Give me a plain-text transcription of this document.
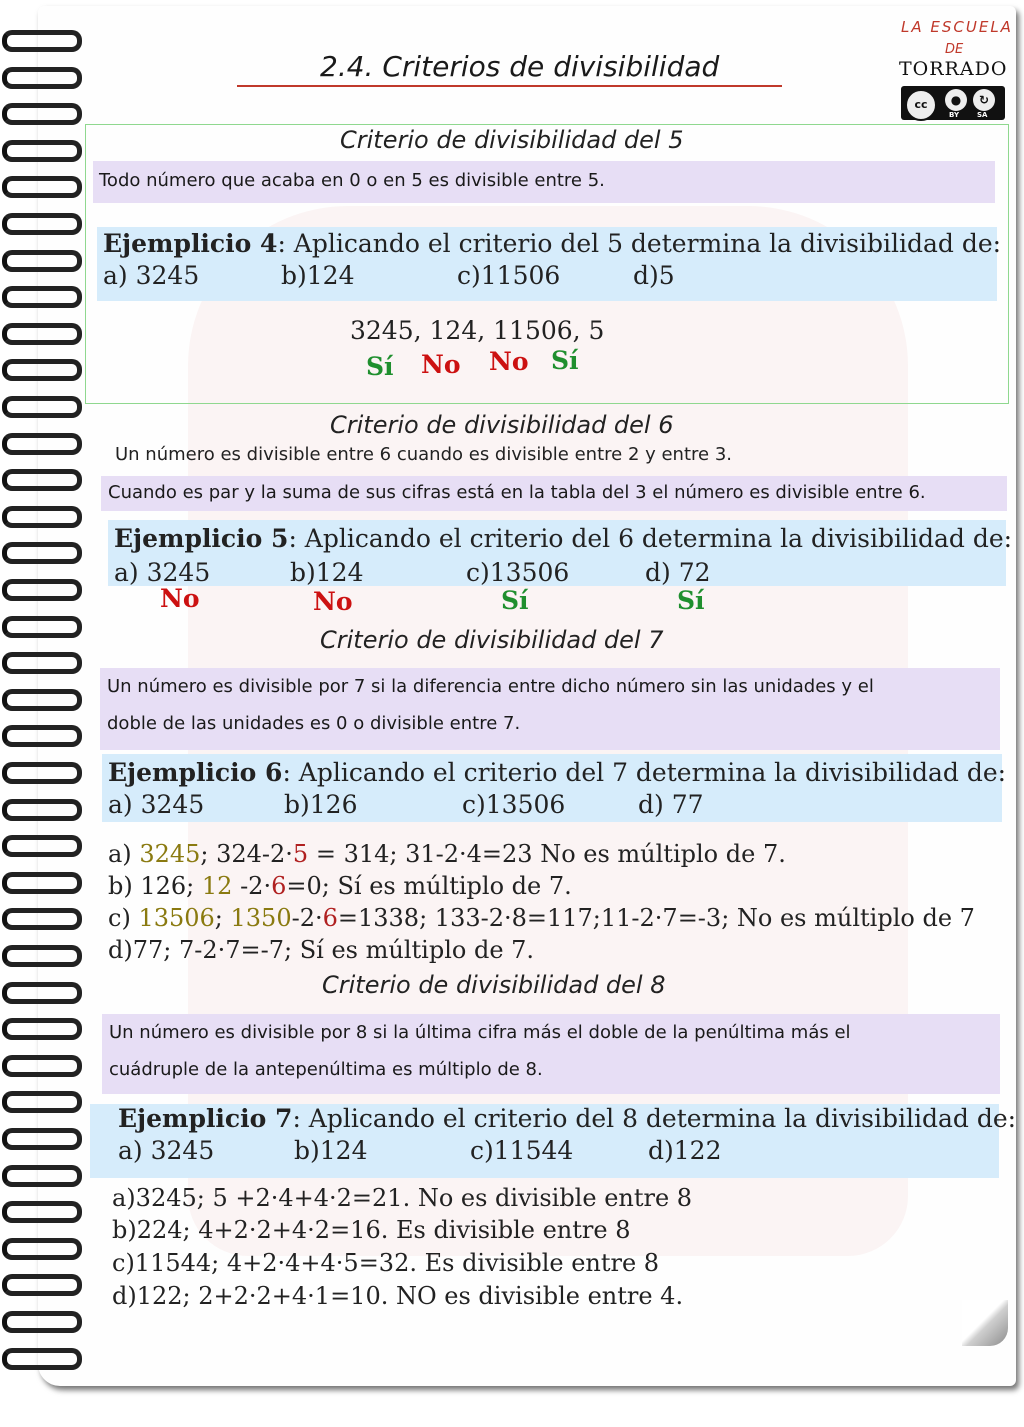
2.4. Criterios de divisibilidad
LA ESCUELA
DE
TORRADO
cc	●	↻
BY	SA
Criterio de divisibilidad del 5
Todo número que acaba en 0 o en 5 es divisible entre 5.
Ejemplicio 4: Aplicando el criterio del 5 determina la divisibilidad de:
a) 3245	b)124	c)11506	d)5
3245, 124, 11506, 5
Sí No No Sí
Criterio de divisibilidad del 6
Un número es divisible entre 6 cuando es divisible entre 2 y entre 3.
Cuando es par y la suma de sus cifras está en la tabla del 3 el número es divisible entre 6.
Ejemplicio 5: Aplicando el criterio del 6 determina la divisibilidad de:
a) 3245	b)124	c)13506	d) 72
No	No	Sí	Sí
Criterio de divisibilidad del 7
Un número es divisible por 7 si la diferencia entre dicho número sin las unidades y el
doble de las unidades es 0 o divisible entre 7.
Ejemplicio 6: Aplicando el criterio del 7 determina la divisibilidad de:
a) 3245	b)126	c)13506	d) 77
a) 3245; 324-2·5 = 314; 31-2·4=23 No es múltiplo de 7.
b) 126; 12 -2·6=0; Sí es múltiplo de 7.
c) 13506; 1350-2·6=1338; 133-2·8=117;11-2·7=-3; No es múltiplo de 7
d)77; 7-2·7=-7; Sí es múltiplo de 7.
Criterio de divisibilidad del 8
Un número es divisible por 8 si la última cifra más el doble de la penúltima más el
cuádruple de la antepenúltima es múltiplo de 8.
Ejemplicio 7: Aplicando el criterio del 8 determina la divisibilidad de:
a) 3245	b)124	c)11544	d)122
a)3245; 5 +2·4+4·2=21. No es divisible entre 8
b)224; 4+2·2+4·2=16. Es divisible entre 8
c)11544; 4+2·4+4·5=32. Es divisible entre 8
d)122; 2+2·2+4·1=10. NO es divisible entre 4.
